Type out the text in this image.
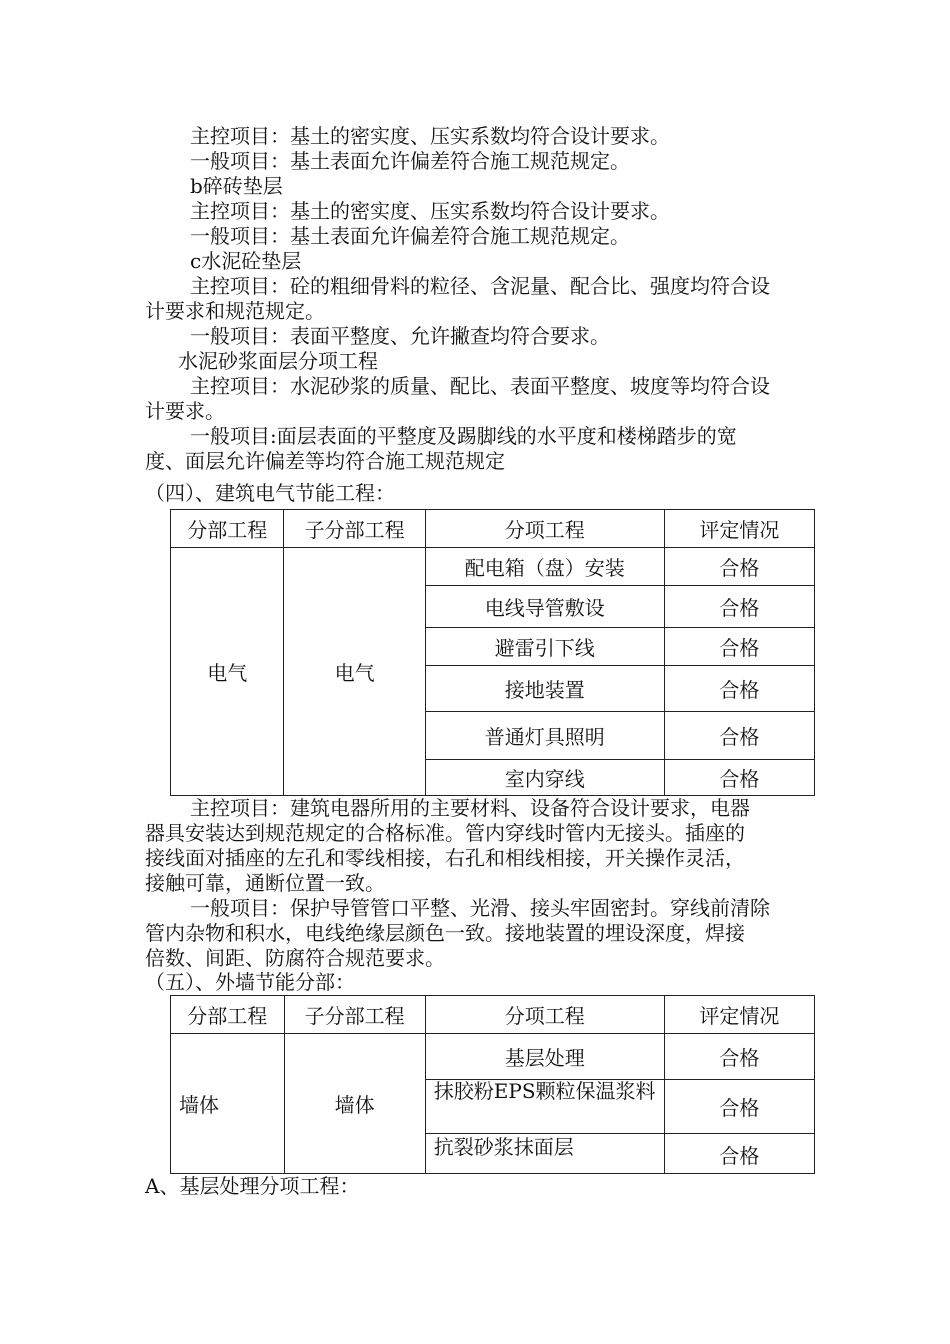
主控项目：基土的密实度、压实系数均符合设计要求。
一般项目：基土表面允许偏差符合施工规范规定。
b碎砖垫层
主控项目：基土的密实度、压实系数均符合设计要求。
一般项目：基土表面允许偏差符合施工规范规定。
c水泥砼垫层
主控项目：砼的粗细骨料的粒径、含泥量、配合比、强度均符合设
计要求和规范规定。
一般项目：表面平整度、允许撇查均符合要求。
水泥砂浆面层分项工程
主控项目：水泥砂浆的质量、配比、表面平整度、坡度等均符合设
计要求。
一般项目:面层表面的平整度及踢脚线的水平度和楼梯踏步的宽
度、面层允许偏差等均符合施工规范规定
（四）、建筑电气节能工程：
分部工程	子分部工程	分项工程	评定情况
电气	电气	配电箱（盘）安装	合格
		电线导管敷设	合格
		避雷引下线	合格
		接地装置	合格
		普通灯具照明	合格
		室内穿线	合格
主控项目：建筑电器所用的主要材料、设备符合设计要求，电器
器具安装达到规范规定的合格标准。管内穿线时管内无接头。插座的
接线面对插座的左孔和零线相接，右孔和相线相接，开关操作灵活，
接触可靠，通断位置一致。
一般项目：保护导管管口平整、光滑、接头牢固密封。穿线前清除
管内杂物和积水，电线绝缘层颜色一致。接地装置的埋设深度，焊接
倍数、间距、防腐符合规范要求。
（五）、外墙节能分部：
分部工程	子分部工程	分项工程	评定情况
墙体	墙体	基层处理	合格
		抹胶粉EPS颗粒保温浆料	合格
		抗裂砂浆抹面层	合格
A、基层处理分项工程：
